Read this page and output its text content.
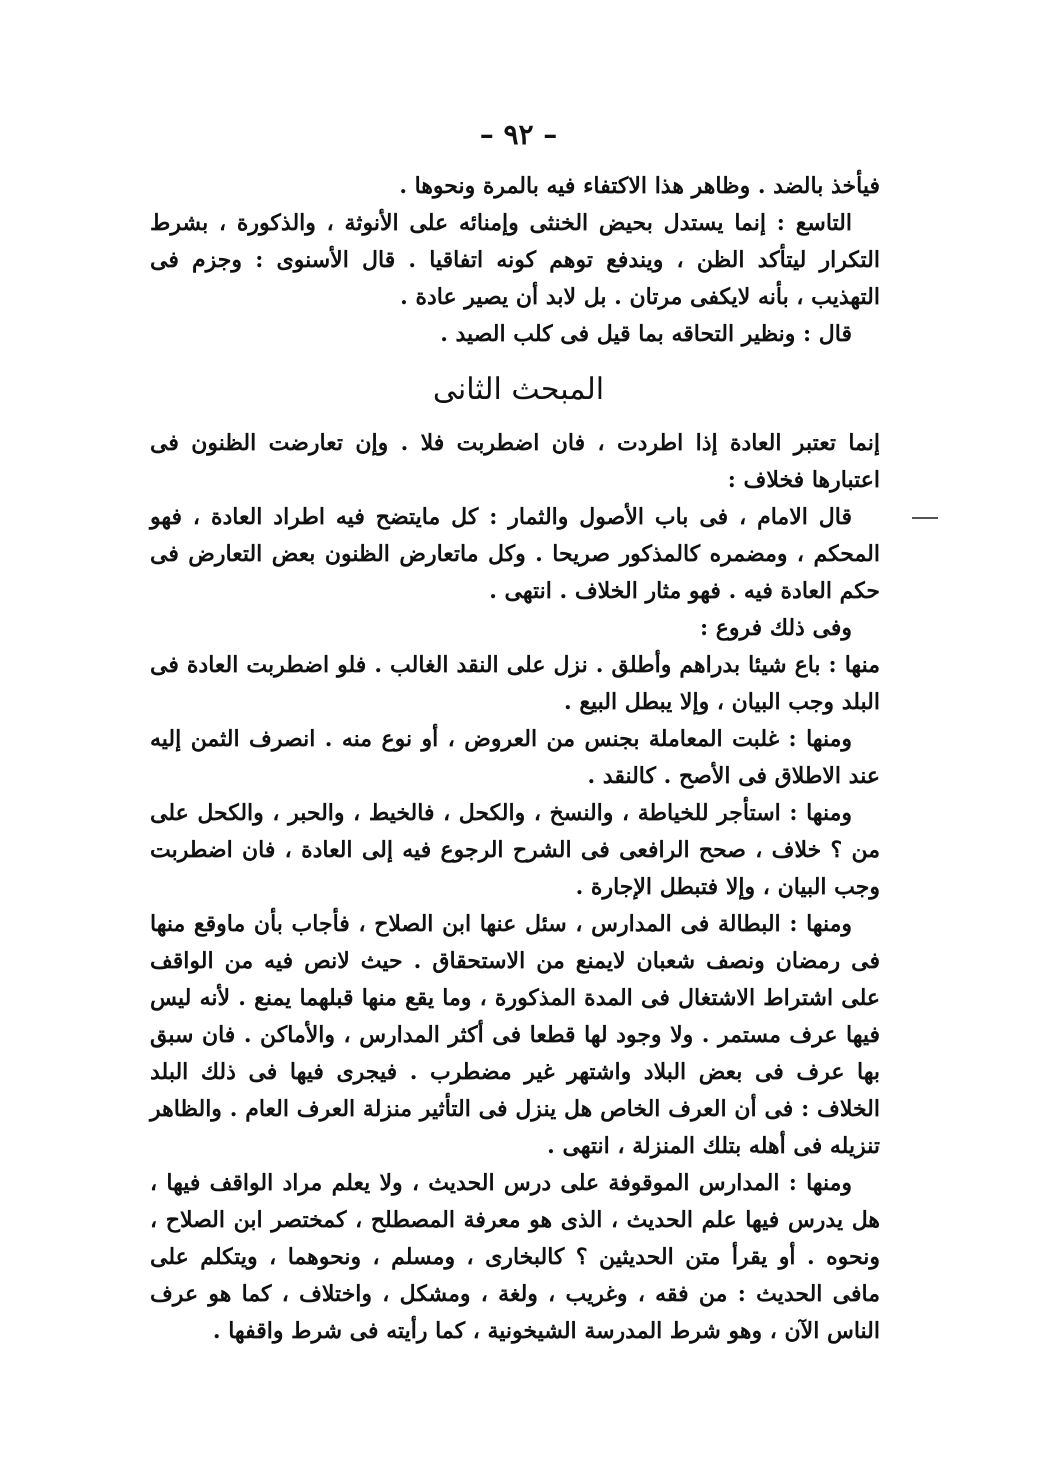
– ٩٢ –

فيأخذ بالضد . وظاهر هذا الاكتفاء فيه بالمرة ونحوها .

التاسع : إنما يستدل بحيض الخنثى وإمنائه على الأنوثة ، والذكورة ، بشرط التكرار ليتأكد الظن ، ويندفع توهم كونه اتفاقيا . قال الأسنوى : وجزم فى التهذيب ، بأنه لايكفى مرتان . بل لابد أن يصير عادة .

قال : ونظير التحاقه بما قيل فى كلب الصيد .

المبحث الثانى

إنما تعتبر العادة إذا اطردت ، فان اضطربت فلا . وإن تعارضت الظنون فى اعتبارها فخلاف :

قال الامام ، فى باب الأصول والثمار : كل مايتضح فيه اطراد العادة ، فهو المحكم ، ومضمره كالمذكور صريحا . وكل ماتعارض الظنون بعض التعارض فى حكم العادة فيه . فهو مثار الخلاف . انتهى .

وفى ذلك فروع :

منها : باع شيئا بدراهم وأطلق . نزل على النقد الغالب . فلو اضطربت العادة فى البلد وجب البيان ، وإلا يبطل البيع .

ومنها : غلبت المعاملة بجنس من العروض ، أو نوع منه . انصرف الثمن إليه عند الاطلاق فى الأصح . كالنقد .

ومنها : استأجر للخياطة ، والنسخ ، والكحل ، فالخيط ، والحبر ، والكحل على من ؟ خلاف ، صحح الرافعى فى الشرح الرجوع فيه إلى العادة ، فان اضطربت وجب البيان ، وإلا فتبطل الإجارة .

ومنها : البطالة فى المدارس ، سئل عنها ابن الصلاح ، فأجاب بأن ماوقع منها فى رمضان ونصف شعبان لايمنع من الاستحقاق . حيث لانص فيه من الواقف على اشتراط الاشتغال فى المدة المذكورة ، وما يقع منها قبلهما يمنع . لأنه ليس فيها عرف مستمر . ولا وجود لها قطعا فى أكثر المدارس ، والأماكن . فان سبق بها عرف فى بعض البلاد واشتهر غير مضطرب . فيجرى فيها فى ذلك البلد الخلاف : فى أن العرف الخاص هل ينزل فى التأثير منزلة العرف العام . والظاهر تنزيله فى أهله بتلك المنزلة ، انتهى .

ومنها : المدارس الموقوفة على درس الحديث ، ولا يعلم مراد الواقف فيها ، هل يدرس فيها علم الحديث ، الذى هو معرفة المصطلح ، كمختصر ابن الصلاح ، ونحوه . أو يقرأ متن الحديثين ؟ كالبخارى ، ومسلم ، ونحوهما ، ويتكلم على مافى الحديث : من فقه ، وغريب ، ولغة ، ومشكل ، واختلاف ، كما هو عرف الناس الآن ، وهو شرط المدرسة الشيخونية ، كما رأيته فى شرط واقفها .
